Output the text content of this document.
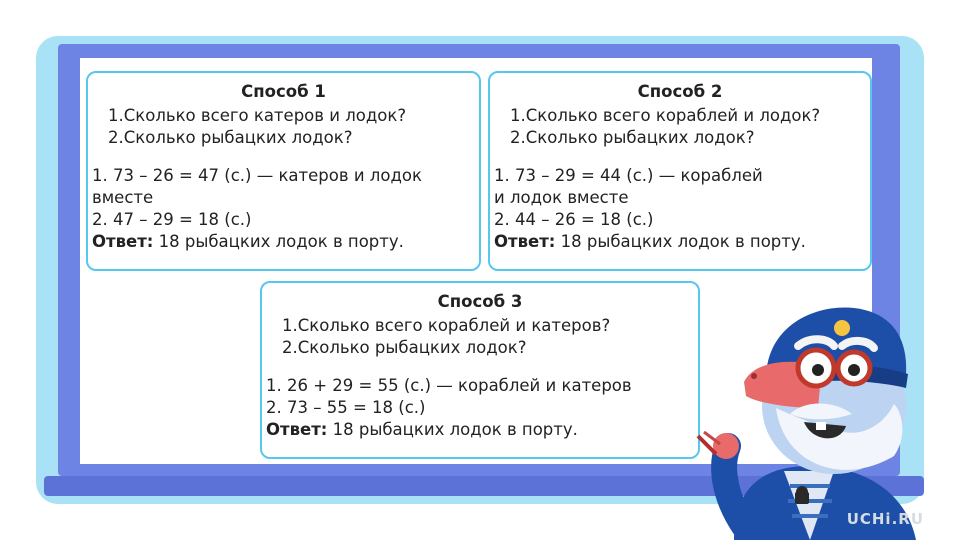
Способ 1
1.Сколько всего катеров и лодок?
2.Сколько рыбацких лодок?
1. 73 – 26 = 47 (с.) — катеров и лодок
вместе
2. 47 – 29 = 18 (с.)
Ответ: 18 рыбацких лодок в порту.
Способ 2
1.Сколько всего кораблей и лодок?
2.Сколько рыбацких лодок?
1. 73 – 29 = 44 (с.) — кораблей
и лодок вместе
2. 44 – 26 = 18 (с.)
Ответ: 18 рыбацких лодок в порту.
Способ 3
1.Сколько всего кораблей и катеров?
2.Сколько рыбацких лодок?
1. 26 + 29 = 55 (с.) — кораблей и катеров
2. 73 – 55 = 18 (с.)
Ответ: 18 рыбацких лодок в порту.
UCHi.RU
